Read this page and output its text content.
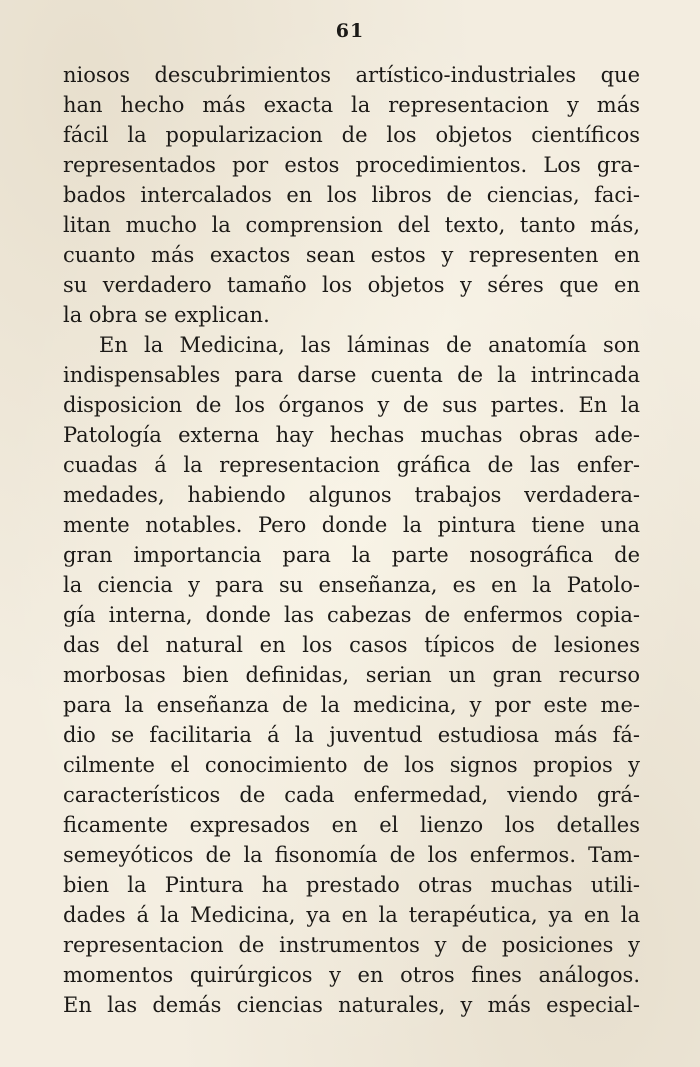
61
niosos descubrimientos artístico-industriales que
han hecho más exacta la representacion y más
fácil la popularizacion de los objetos científicos
representados por estos procedimientos. Los gra-
bados intercalados en los libros de ciencias, faci-
litan mucho la comprension del texto, tanto más,
cuanto más exactos sean estos y representen en
su verdadero tamaño los objetos y séres que en
la obra se explican.
En la Medicina, las láminas de anatomía son
indispensables para darse cuenta de la intrincada
disposicion de los órganos y de sus partes. En la
Patología externa hay hechas muchas obras ade-
cuadas á la representacion gráfica de las enfer-
medades, habiendo algunos trabajos verdadera-
mente notables. Pero donde la pintura tiene una
gran importancia para la parte nosográfica de
la ciencia y para su enseñanza, es en la Patolo-
gía interna, donde las cabezas de enfermos copia-
das del natural en los casos típicos de lesiones
morbosas bien definidas, serian un gran recurso
para la enseñanza de la medicina, y por este me-
dio se facilitaria á la juventud estudiosa más fá-
cilmente el conocimiento de los signos propios y
característicos de cada enfermedad, viendo grá-
ficamente expresados en el lienzo los detalles
semeyóticos de la fisonomía de los enfermos. Tam-
bien la Pintura ha prestado otras muchas utili-
dades á la Medicina, ya en la terapéutica, ya en la
representacion de instrumentos y de posiciones y
momentos quirúrgicos y en otros fines análogos.
En las demás ciencias naturales, y más especial-
